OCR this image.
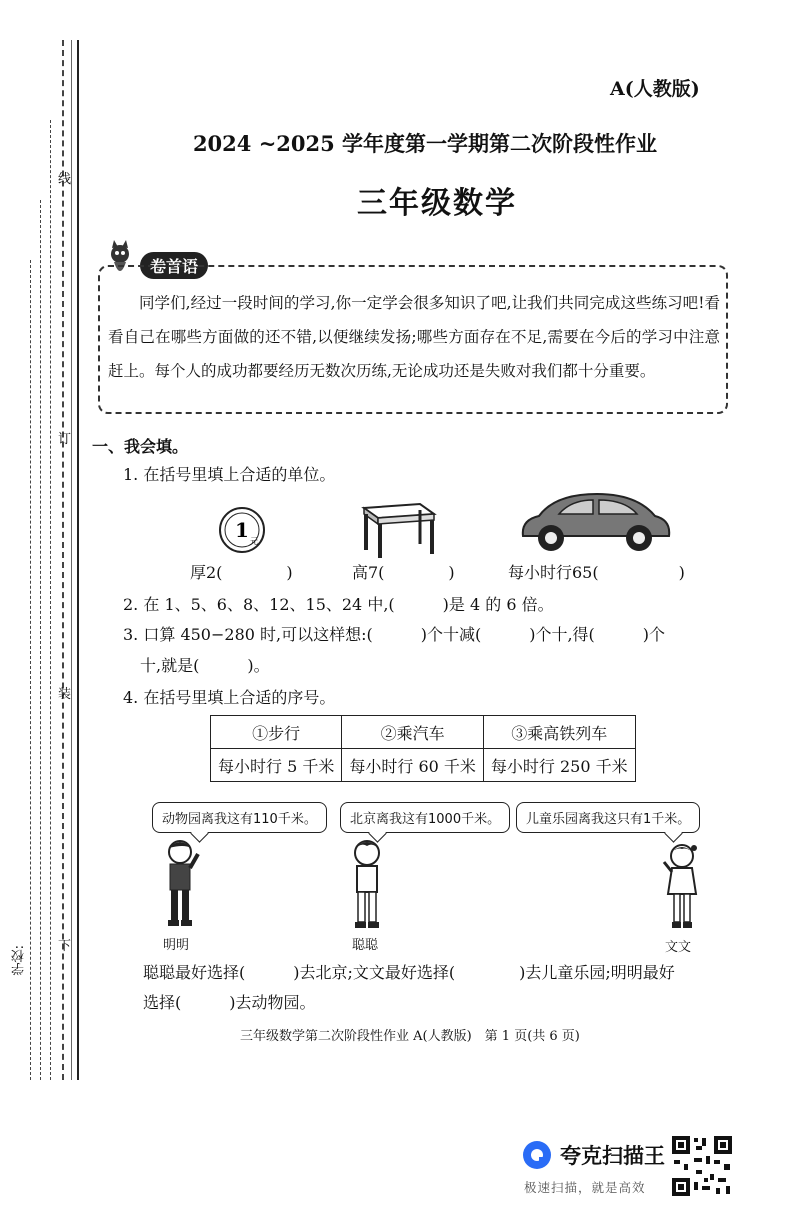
线
订
装
下
学校:
A(人教版)
2024 ~2025 学年度第一学期第二次阶段性作业
三年级数学
卷首语
同学们,经过一段时间的学习,你一定学会很多知识了吧,让我们共同完成这些练习吧!看看自己在哪些方面做的还不错,以便继续发扬;哪些方面存在不足,需要在今后的学习中注意赶上。每个人的成功都要经历无数次历练,无论成功还是失败对我们都十分重要。
一、我会填。
1. 在括号里填上合适的单位。
1 元
厚2(　　　　)	高7(　　　　)	每小时行65(　　　　　)
2. 在 1、5、6、8、12、15、24 中,(　　　)是 4 的 6 倍。
3. 口算 450−280 时,可以这样想:(　　　)个十减(　　　)个十,得(　　　)个
十,就是(　　　)。
4. 在括号里填上合适的序号。
①步行	②乘汽车	③乘高铁列车
每小时行 5 千米	每小时行 60 千米	每小时行 250 千米
动物园离我这有110千米。	北京离我这有1000千米。	儿童乐园离我这只有1千米。
明明	聪聪	文文
聪聪最好选择(　　　)去北京;文文最好选择(　　　　)去儿童乐园;明明最好
选择(　　　)去动物园。
三年级数学第二次阶段性作业 A(人教版)　第 1 页(共 6 页)
夸克扫描王
极速扫描，就是高效
